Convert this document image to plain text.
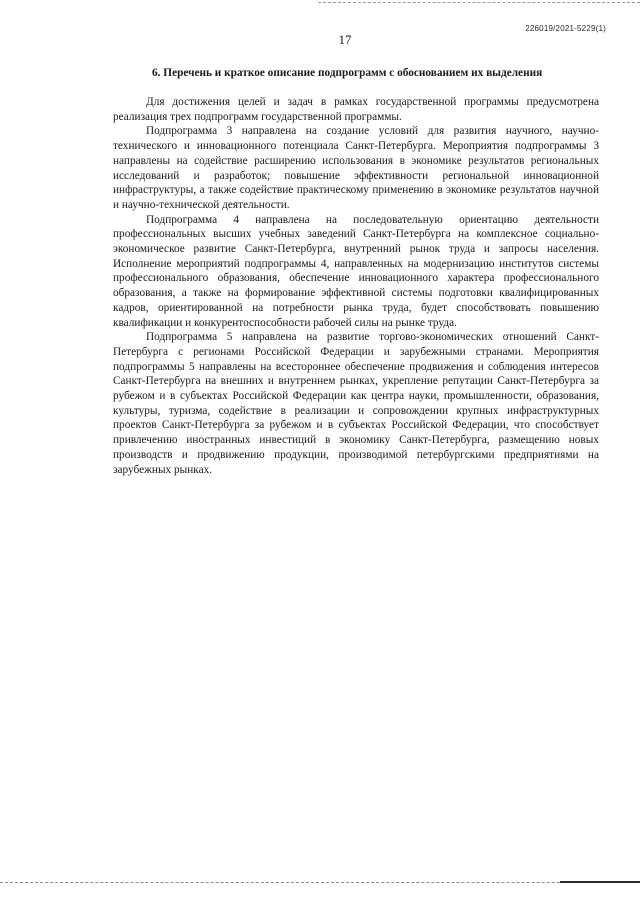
226019/2021-5229(1)
17
6. Перечень и краткое описание подпрограмм с обоснованием их выделения

Для достижения целей и задач в рамках государственной программы предусмотрена реализация трех подпрограмм государственной программы.

Подпрограмма 3 направлена на создание условий для развития научного, научно-технического и инновационного потенциала Санкт-Петербурга. Мероприятия подпрограммы 3 направлены на содействие расширению использования в экономике результатов региональных исследований и разработок; повышение эффективности региональной инновационной инфраструктуры, а также содействие практическому применению в экономике результатов научной и научно-технической деятельности.

Подпрограмма 4 направлена на последовательную ориентацию деятельности профессиональных высших учебных заведений Санкт-Петербурга на комплексное социально-экономическое развитие Санкт-Петербурга, внутренний рынок труда и запросы населения. Исполнение мероприятий подпрограммы 4, направленных на модернизацию институтов системы профессионального образования, обеспечение инновационного характера профессионального образования, а также на формирование эффективной системы подготовки квалифицированных кадров, ориентированной на потребности рынка труда, будет способствовать повышению квалификации и конкурентоспособности рабочей силы на рынке труда.

Подпрограмма 5 направлена на развитие торгово-экономических отношений Санкт-Петербурга с регионами Российской Федерации и зарубежными странами. Мероприятия подпрограммы 5 направлены на всестороннее обеспечение продвижения и соблюдения интересов Санкт-Петербурга на внешних и внутреннем рынках, укрепление репутации Санкт-Петербурга за рубежом и в субъектах Российской Федерации как центра науки, промышленности, образования, культуры, туризма, содействие в реализации и сопровождении крупных инфраструктурных проектов Санкт-Петербурга за рубежом и в субъектах Российской Федерации, что способствует привлечению иностранных инвестиций в экономику Санкт-Петербурга, размещению новых производств и продвижению продукции, производимой петербургскими предприятиями на зарубежных рынках.
